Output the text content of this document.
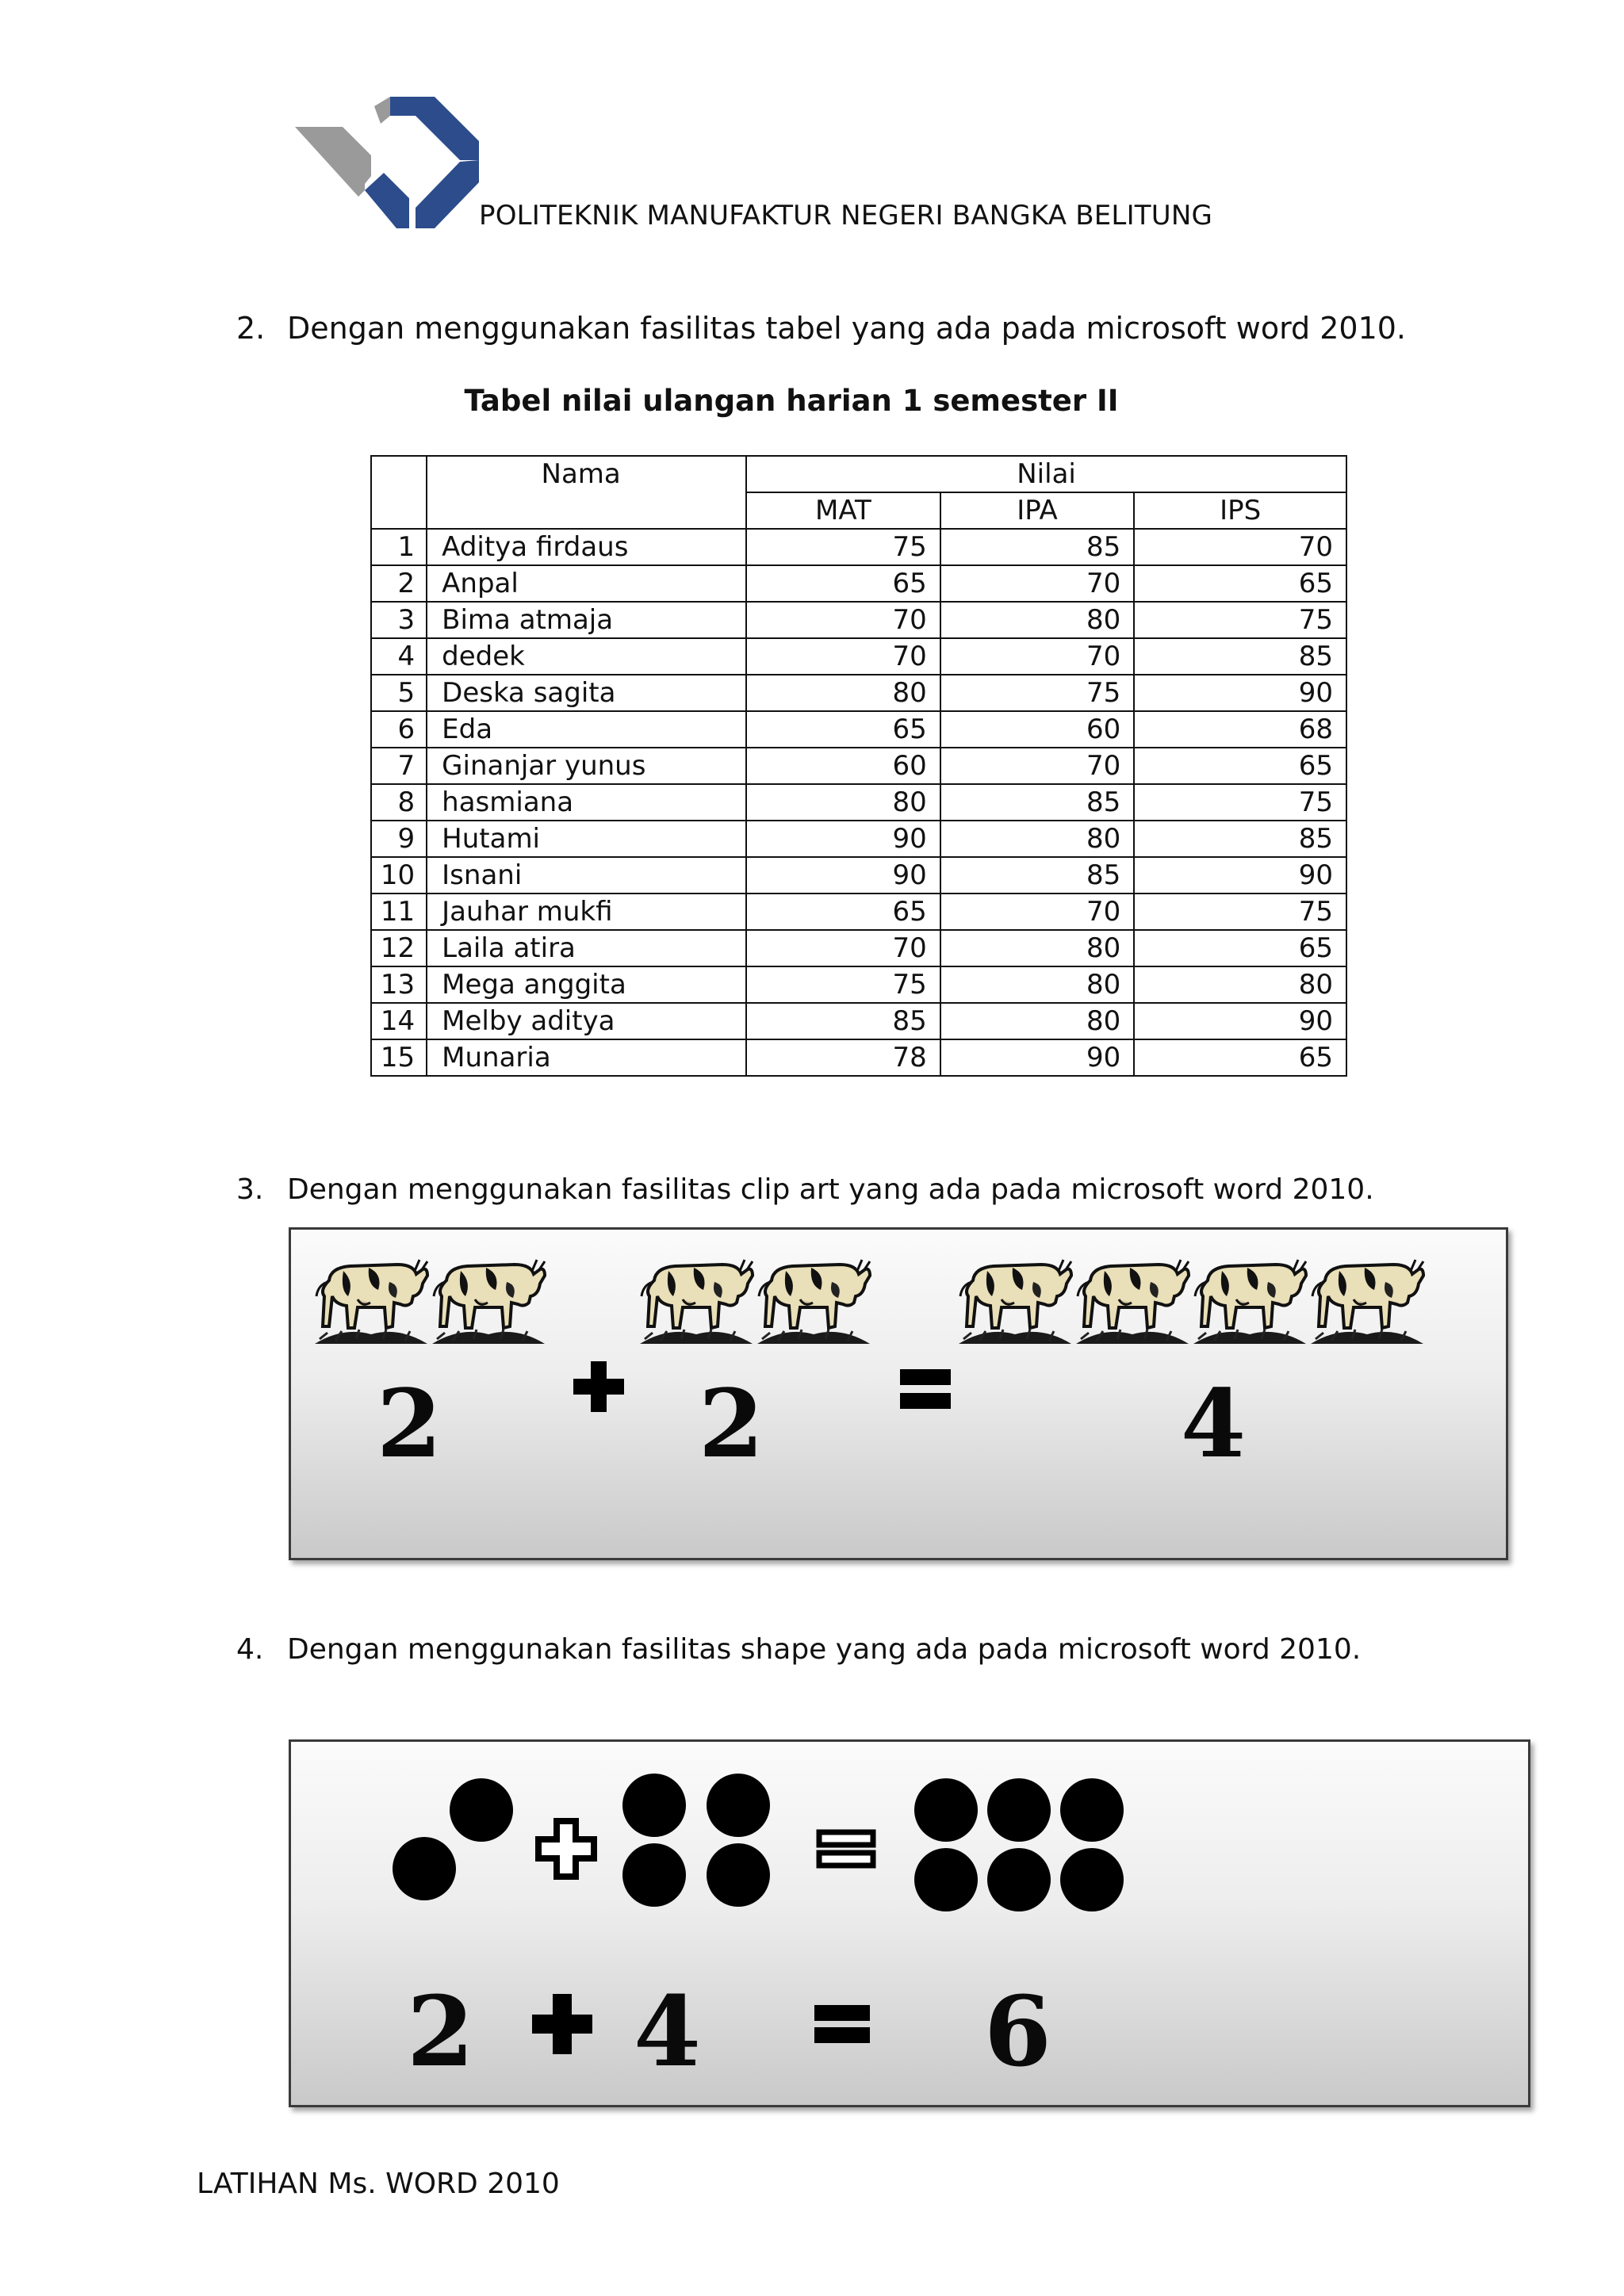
POLITEKNIK MANUFAKTUR NEGERI BANGKA BELITUNG
2. Dengan menggunakan fasilitas tabel yang ada pada microsoft word 2010.
Tabel nilai ulangan harian 1 semester II
	Nama	Nilai		
		MAT	IPA	IPS
1	Aditya firdaus	75	85	70
2	Anpal	65	70	65
3	Bima atmaja	70	80	75
4	dedek	70	70	85
5	Deska sagita	80	75	90
6	Eda	65	60	68
7	Ginanjar yunus	60	70	65
8	hasmiana	80	85	75
9	Hutami	90	80	85
10	Isnani	90	85	90
11	Jauhar mukfi	65	70	75
12	Laila atira	70	80	65
13	Mega anggita	75	80	80
14	Melby aditya	85	80	90
15	Munaria	78	90	65
3. Dengan menggunakan fasilitas clip art yang ada pada microsoft word 2010.
2	2	4
4. Dengan menggunakan fasilitas shape yang ada pada microsoft word 2010.
2 4	6
LATIHAN Ms. WORD 2010
